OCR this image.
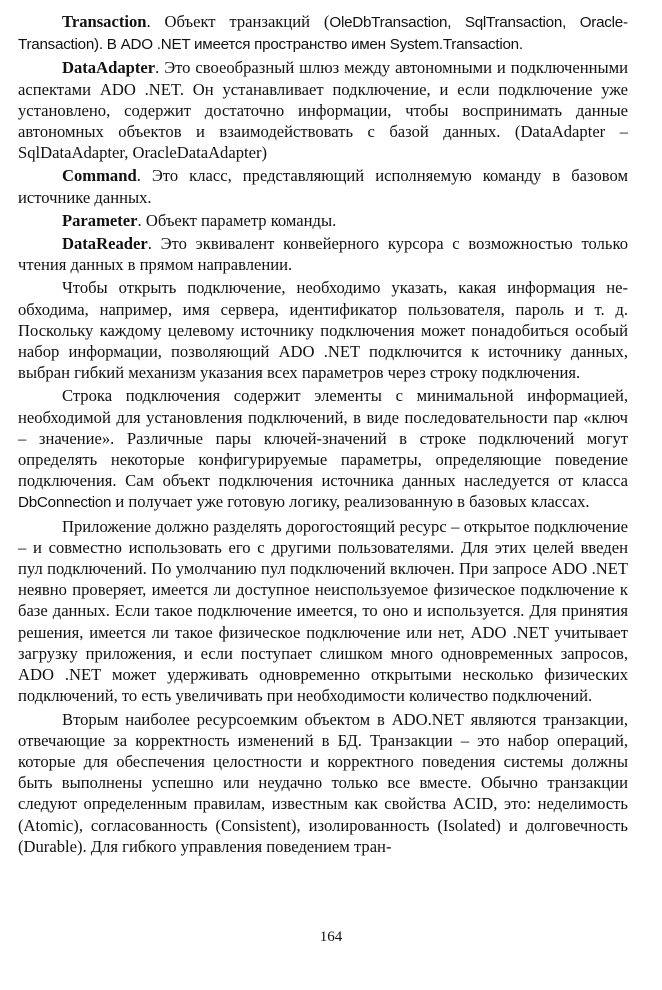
Transaction. Объект транзакций (OleDbTransaction, SqlTransaction, OracleTransaction). В ADO .NET имеется пространство имен System.Transaction.

DataAdapter. Это своеобразный шлюз между автономными и подключенными аспектами ADO .NET. Он устанавливает подключение, и если подключение уже установлено, содержит достаточно информации, чтобы воспринимать данные автономных объектов и взаимодействовать с базой данных. (DataAdapter – SqlDataAdapter, OracleDataAdapter)

Command. Это класс, представляющий исполняемую команду в базовом источнике данных.

Parameter. Объект параметр команды.

DataReader. Это эквивалент конвейерного курсора с возможностью только чтения данных в прямом направлении.

Чтобы открыть подключение, необходимо указать, какая информация необходима, например, имя сервера, идентификатор пользователя, пароль и т. д. Поскольку каждому целевому источнику подключения может понадобиться особый набор информации, позволяющий ADO .NET подключится к источнику данных, выбран гибкий механизм указания всех параметров через строку подключения.

Строка подключения содержит элементы с минимальной информацией, необходимой для установления подключений, в виде последовательности пар «ключ – значение». Различные пары ключей-значений в строке подключений могут определять некоторые конфигурируемые параметры, определяющие поведение подключения. Сам объект подключения источника данных наследуется от класса DbConnection и получает уже готовую логику, реализованную в базовых классах.

Приложение должно разделять дорогостоящий ресурс – открытое подключение – и совместно использовать его с другими пользователями. Для этих целей введен пул подключений. По умолчанию пул подключений включен. При запросе ADO .NET неявно проверяет, имеется ли доступное неиспользуемое физическое подключение к базе данных. Если такое подключение имеется, то оно и используется. Для принятия решения, имеется ли такое физическое подключение или нет, ADO .NET учитывает загрузку приложения, и если поступает слишком много одновременных запросов, ADO .NET может удерживать одновременно открытыми несколько физических подключений, то есть увеличивать при необходимости количество подключений.

Вторым наиболее ресурсоемким объектом в ADO.NET являются транзакции, отвечающие за корректность изменений в БД. Транзакции – это набор операций, которые для обеспечения целостности и корректного поведения системы должны быть выполнены успешно или неудачно только все вместе. Обычно транзакции следуют определенным правилам, известным как свойства ACID, это: неделимость (Atomic), согласованность (Consistent), изолированность (Isolated) и долговечность (Durable). Для гибкого управления поведением тран-

164
